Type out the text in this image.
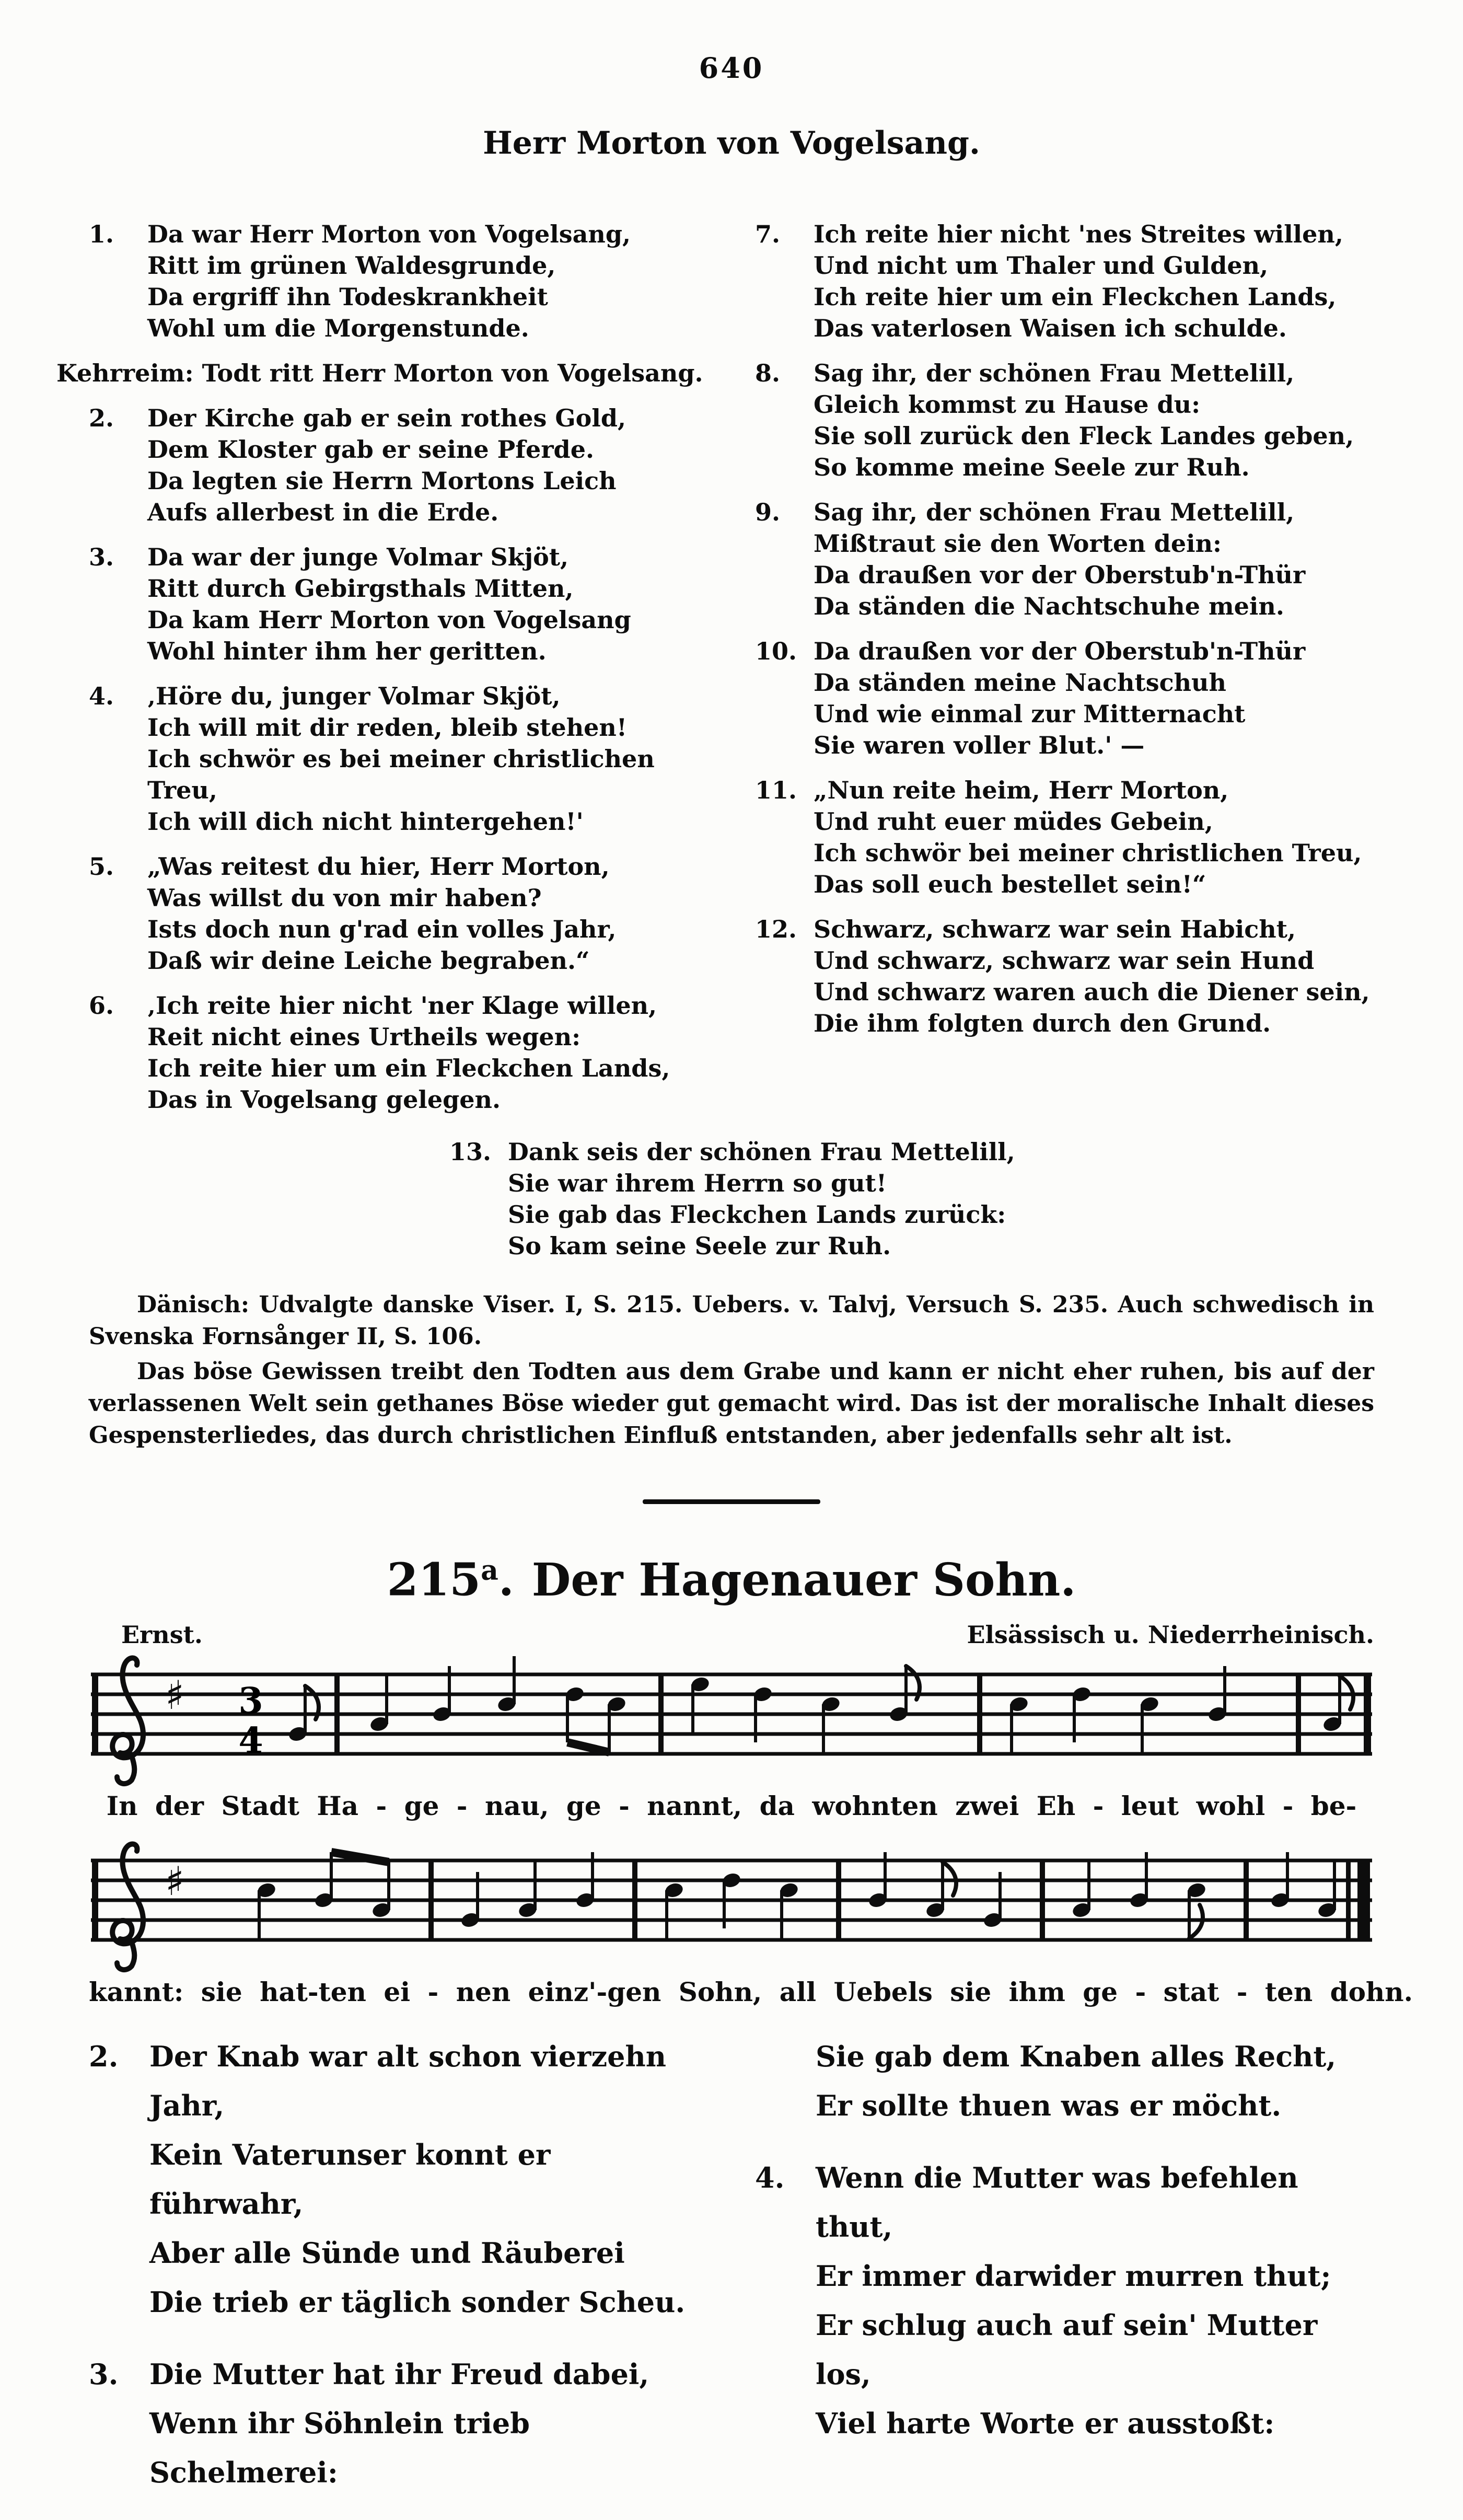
640
Herr Morton von Vogelsang.
1.	Da war Herr Morton von Vogelsang,
Ritt im grünen Waldesgrunde,
Da ergriff ihn Todeskrankheit
Wohl um die Morgenstunde.
Kehrreim: Todt ritt Herr Morton von Vogelsang.
2.	Der Kirche gab er sein rothes Gold,
Dem Kloster gab er seine Pferde.
Da legten sie Herrn Mortons Leich
Aufs allerbest in die Erde.
3.	Da war der junge Volmar Skjöt,
Ritt durch Gebirgsthals Mitten,
Da kam Herr Morton von Vogelsang
Wohl hinter ihm her geritten.
4.	‚Höre du, junger Volmar Skjöt,
Ich will mit dir reden, bleib stehen!
Ich schwör es bei meiner christlichen Treu,
Ich will dich nicht hintergehen!'
5.	„Was reitest du hier, Herr Morton,
Was willst du von mir haben?
Ists doch nun g'rad ein volles Jahr,
Daß wir deine Leiche begraben.“
6.	‚Ich reite hier nicht 'ner Klage willen,
Reit nicht eines Urtheils wegen:
Ich reite hier um ein Fleckchen Lands,
Das in Vogelsang gelegen.
7.	Ich reite hier nicht 'nes Streites willen,
Und nicht um Thaler und Gulden,
Ich reite hier um ein Fleckchen Lands,
Das vaterlosen Waisen ich schulde.
8.	Sag ihr, der schönen Frau Mettelill,
Gleich kommst zu Hause du:
Sie soll zurück den Fleck Landes geben,
So komme meine Seele zur Ruh.
9.	Sag ihr, der schönen Frau Mettelill,
Mißtraut sie den Worten dein:
Da draußen vor der Oberstub'n-Thür
Da ständen die Nachtschuhe mein.
10. Da draußen vor der Oberstub'n-Thür
Da ständen meine Nachtschuh
Und wie einmal zur Mitternacht
Sie waren voller Blut.' —
11. „Nun reite heim, Herr Morton,
Und ruht euer müdes Gebein,
Ich schwör bei meiner christlichen Treu,
Das soll euch bestellet sein!“
12. Schwarz, schwarz war sein Habicht,
Und schwarz, schwarz war sein Hund
Und schwarz waren auch die Diener sein,
Die ihm folgten durch den Grund.
13. Dank seis der schönen Frau Mettelill,
Sie war ihrem Herrn so gut!
Sie gab das Fleckchen Lands zurück:
So kam seine Seele zur Ruh.

Dänisch: Udvalgte danske Viser. I, S. 215. Uebers. v. Talvj, Versuch S. 235. Auch schwedisch in Svenska Fornsånger II, S. 106.

Das böse Gewissen treibt den Todten aus dem Grabe und kann er nicht eher ruhen, bis auf der verlassenen Welt sein gethanes Böse wieder gut gemacht wird. Das ist der moralische Inhalt dieses Gespensterliedes, das durch christlichen Einfluß entstanden, aber jedenfalls sehr alt ist.

215$^a$. Der Hagenauer Sohn.
Ernst.	Elsässisch u. Niederrheinisch.
♯ 3
4
In der Stadt Ha - ge - nau, ge - nannt, da wohnten zwei Eh - leut wohl - be-
♯
kannt: sie hat-ten ei - nen einz'-gen Sohn, all Uebels sie ihm ge - stat - ten dohn.
2.	Der Knab war alt schon vierzehn Jahr,
Kein Vaterunser konnt er führwahr,
Aber alle Sünde und Räuberei
Die trieb er täglich sonder Scheu.
3.	Die Mutter hat ihr Freud dabei,
Wenn ihr Söhnlein trieb Schelmerei:
Sie gab dem Knaben alles Recht,
Er sollte thuen was er möcht.
4.	Wenn die Mutter was befehlen thut,
Er immer darwider murren thut;
Er schlug auch auf sein' Mutter los,
Viel harte Worte er ausstoßt:
